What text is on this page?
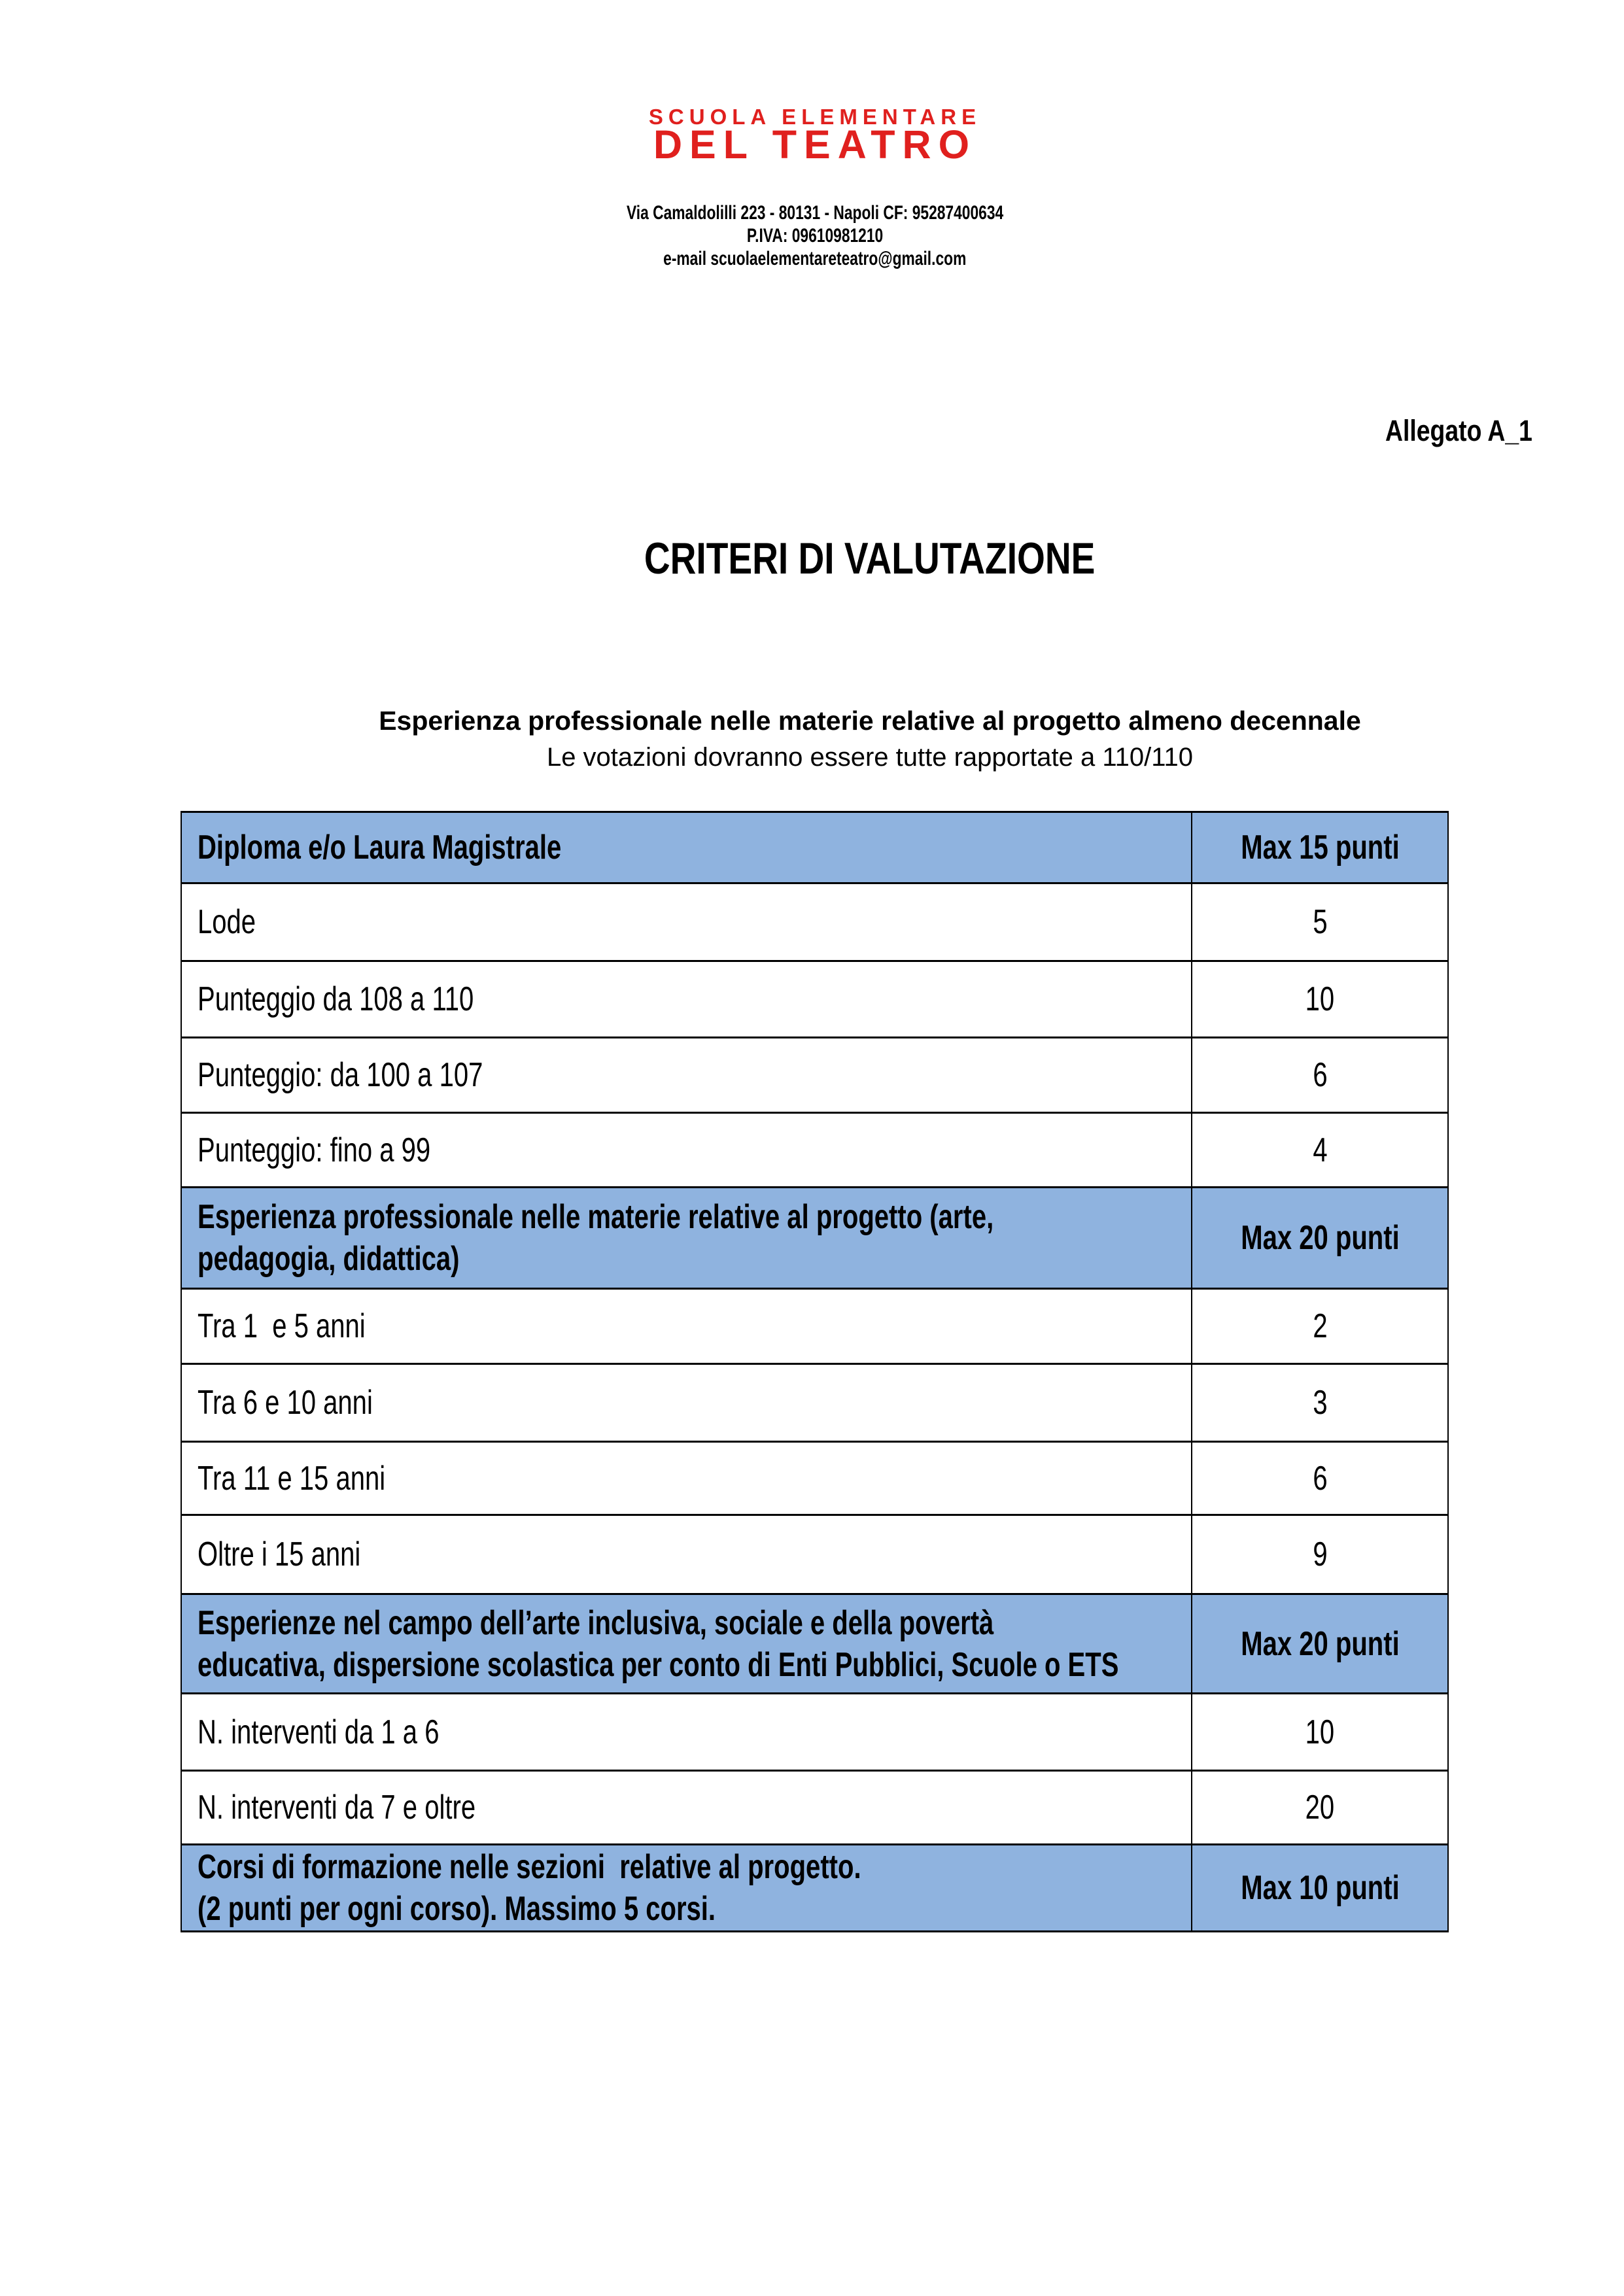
SCUOLA ELEMENTARE
DEL TEATRO
Via Camaldolilli 223 - 80131 - Napoli CF: 95287400634
P.IVA: 09610981210
e-mail scuolaelementareteatro@gmail.com
Allegato A_1
CRITERI DI VALUTAZIONE
Esperienza professionale nelle materie relative al progetto almeno decennale
Le votazioni dovranno essere tutte rapportate a 110/110
Diploma e/o Laura Magistrale	Max 15 punti

Lode	5

Punteggio da 108 a 110	10

Punteggio: da 100 a 107	6

Punteggio: fino a 99	4

Esperienza professionale nelle materie relative al progetto (arte,
pedagogia, didattica)	Max 20 punti

Tra 1  e 5 anni	2

Tra 6 e 10 anni	3

Tra 11 e 15 anni	6

Oltre i 15 anni	9

Esperienze nel campo dell’arte inclusiva, sociale e della povertà
educativa, dispersione scolastica per conto di Enti Pubblici, Scuole o ETS	Max 20 punti

N. interventi da 1 a 6	10

N. interventi da 7 e oltre	20

Corsi di formazione nelle sezioni  relative al progetto.
(2 punti per ogni corso). Massimo 5 corsi.	Max 10 punti
